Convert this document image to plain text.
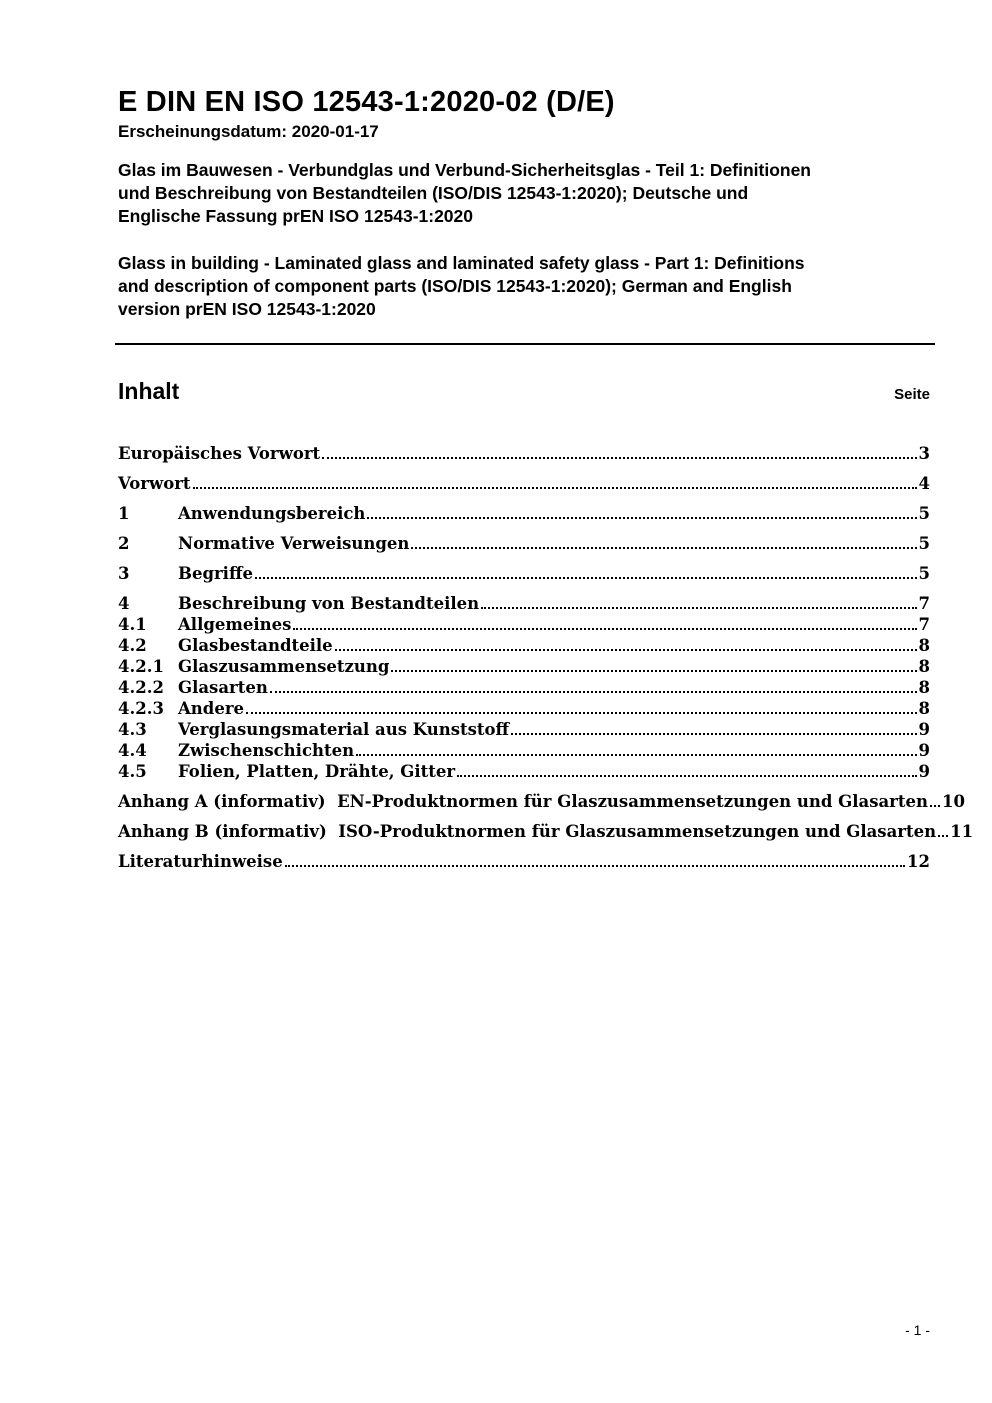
E DIN EN ISO 12543-1:2020-02 (D/E)
Erscheinungsdatum: 2020-01-17
Glas im Bauwesen - Verbundglas und Verbund-Sicherheitsglas - Teil 1: Definitionen
und Beschreibung von Bestandteilen (ISO/DIS 12543-1:2020); Deutsche und
Englische Fassung prEN ISO 12543-1:2020
Glass in building - Laminated glass and laminated safety glass - Part 1: Definitions
and description of component parts (ISO/DIS 12543-1:2020); German and English
version prEN ISO 12543-1:2020
Inhalt	Seite
Europäisches Vorwort	3
Vorwort	4
1	Anwendungsbereich	5
2	Normative Verweisungen	5
3	Begriffe	5
4	Beschreibung von Bestandteilen	7
4.1	Allgemeines	7
4.2	Glasbestandteile	8
4.2.1 Glaszusammensetzung	8
4.2.2 Glasarten	8
4.2.3 Andere	8
4.3	Verglasungsmaterial aus Kunststoff	9
4.4	Zwischenschichten	9
4.5	Folien, Platten, Drähte, Gitter	9
Anhang A (informativ)  EN-Produktnormen für Glaszusammensetzungen und Glasarten 10
Anhang B (informativ)  ISO-Produktnormen für Glaszusammensetzungen und Glasarten 11
Literaturhinweise	12
- 1 -
